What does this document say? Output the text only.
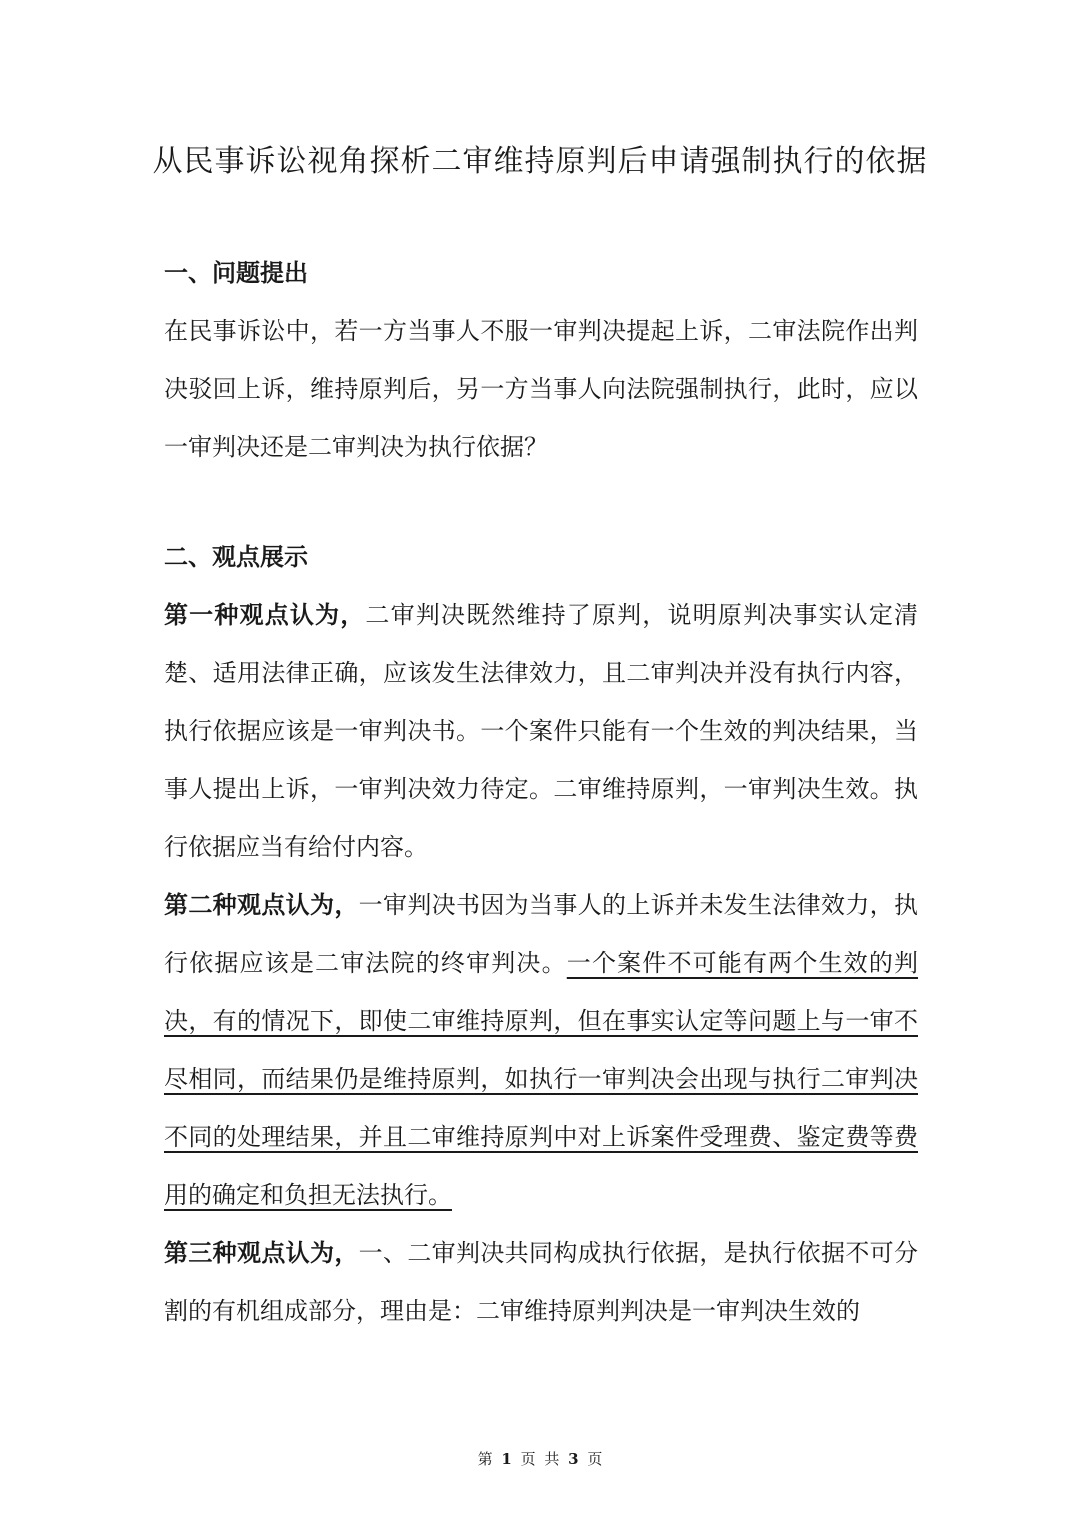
从民事诉讼视角探析二审维持原判后申请强制执行的依据
一、问题提出

在民事诉讼中，若一方当事人不服一审判决提起上诉，二审法院作出判决驳回上诉，维持原判后，另一方当事人向法院强制执行，此时，应以一审判决还是二审判决为执行依据？

二、观点展示

第一种观点认为，二审判决既然维持了原判，说明原判决事实认定清楚、适用法律正确，应该发生法律效力，且二审判决并没有执行内容，执行依据应该是一审判决书。一个案件只能有一个生效的判决结果，当事人提出上诉，一审判决效力待定。二审维持原判，一审判决生效。执行依据应当有给付内容。

第二种观点认为，一审判决书因为当事人的上诉并未发生法律效力，执行依据应该是二审法院的终审判决。一个案件不可能有两个生效的判决，有的情况下，即使二审维持原判，但在事实认定等问题上与一审不尽相同，而结果仍是维持原判，如执行一审判决会出现与执行二审判决不同的处理结果，并且二审维持原判中对上诉案件受理费、鉴定费等费用的确定和负担无法执行。

第三种观点认为，一、二审判决共同构成执行依据，是执行依据不可分割的有机组成部分，理由是：二审维持原判判决是一审判决生效的

第 1 页 共 3 页
